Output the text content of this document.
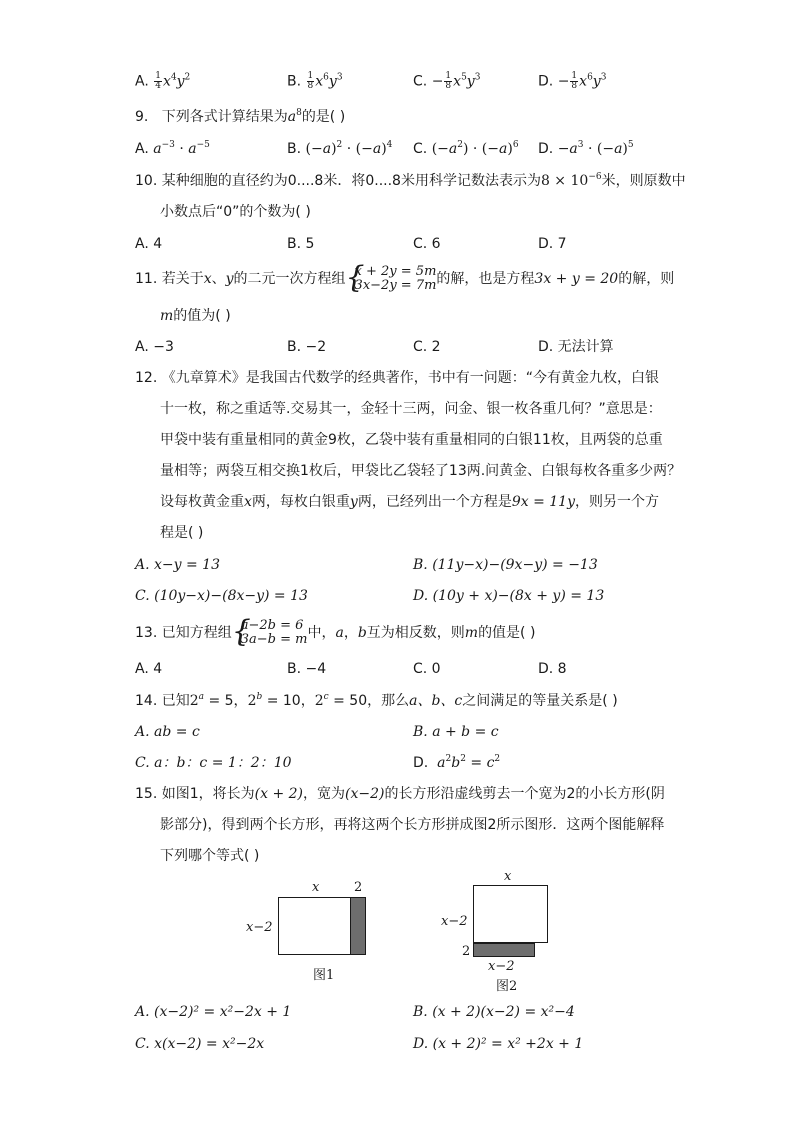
A. $\frac{1}{4} x^4y^2$	B. $\frac{1}{8} x^6y^3$	C. − $\frac{1}{8} x^5y^3$	D. − $\frac{1}{8} x^6y^3$
9. 下列各式计算结果为$a^8$的是( )
A. $a^{-3} \cdot a^{-5}$	B. $(-a)^2 \cdot (-a)^4$ C. $(-a^2) \cdot (-a)^6$ D. $-a^3 \cdot (-a)^5$
10. 某种细胞的直径约为0....8米．将0....8米用科学记数法表示为$8 \times 10^{-6}$米，则原数中
小数点后“0”的个数为( )
A. 4	B. 5	C. 6	D. 7
11. 若关于x、y的二元一次方程组 {
x + 2y = 5m
3x−2y = 7m 的解，也是方程3x + y = 20的解，则
m的值为( )
A. −3	B. −2	C. 2	D. 无法计算
12. 《九章算术》是我国古代数学的经典著作，书中有一问题：“今有黄金九枚，白银
十一枚，称之重适等.交易其一，金轻十三两，问金、银一枚各重几何？”意思是：
甲袋中装有重量相同的黄金9枚，乙袋中装有重量相同的白银11枚，且两袋的总重
量相等；两袋互相交换1枚后，甲袋比乙袋轻了13两.问黄金、白银每枚各重多少两？
设每枚黄金重x两，每枚白银重y两，已经列出一个方程是9x = 11y，则另一个方
程是( )
A. x−y = 13	B. (11y−x)−(9x−y) = −13
C. (10y−x)−(8x−y) = 13	D. (10y + x)−(8x + y) = 13
13. 已知方程组 {
a−2b = 6
3a−b = m 中，a，b互为相反数，则m的值是( )
A. 4	B. −4	C. 0	D. 8
14. 已知$2^a = 5$，$2^b = 10$，$2^c = 50$，那么a、b、c之间满足的等量关系是( )
A. ab = c	B. a + b = c
C. a：b：c = 1：2：10	D. $a^2b^2 = c^2$
15. 如图1，将长为(x + 2)，宽为(x−2)的长方形沿虚线剪去一个宽为2的小长方形(阴
影部分)，得到两个长方形，再将这两个长方形拼成图2所示图形．这两个图能解释
下列哪个等式( )
x	2
x−2
图1
x
x−2
2
x−2
图2
A. (x−2)² = x²−2x + 1	B. (x + 2)(x−2) = x²−4
C. x(x−2) = x²−2x	D. (x + 2)² = x² +2x + 1
